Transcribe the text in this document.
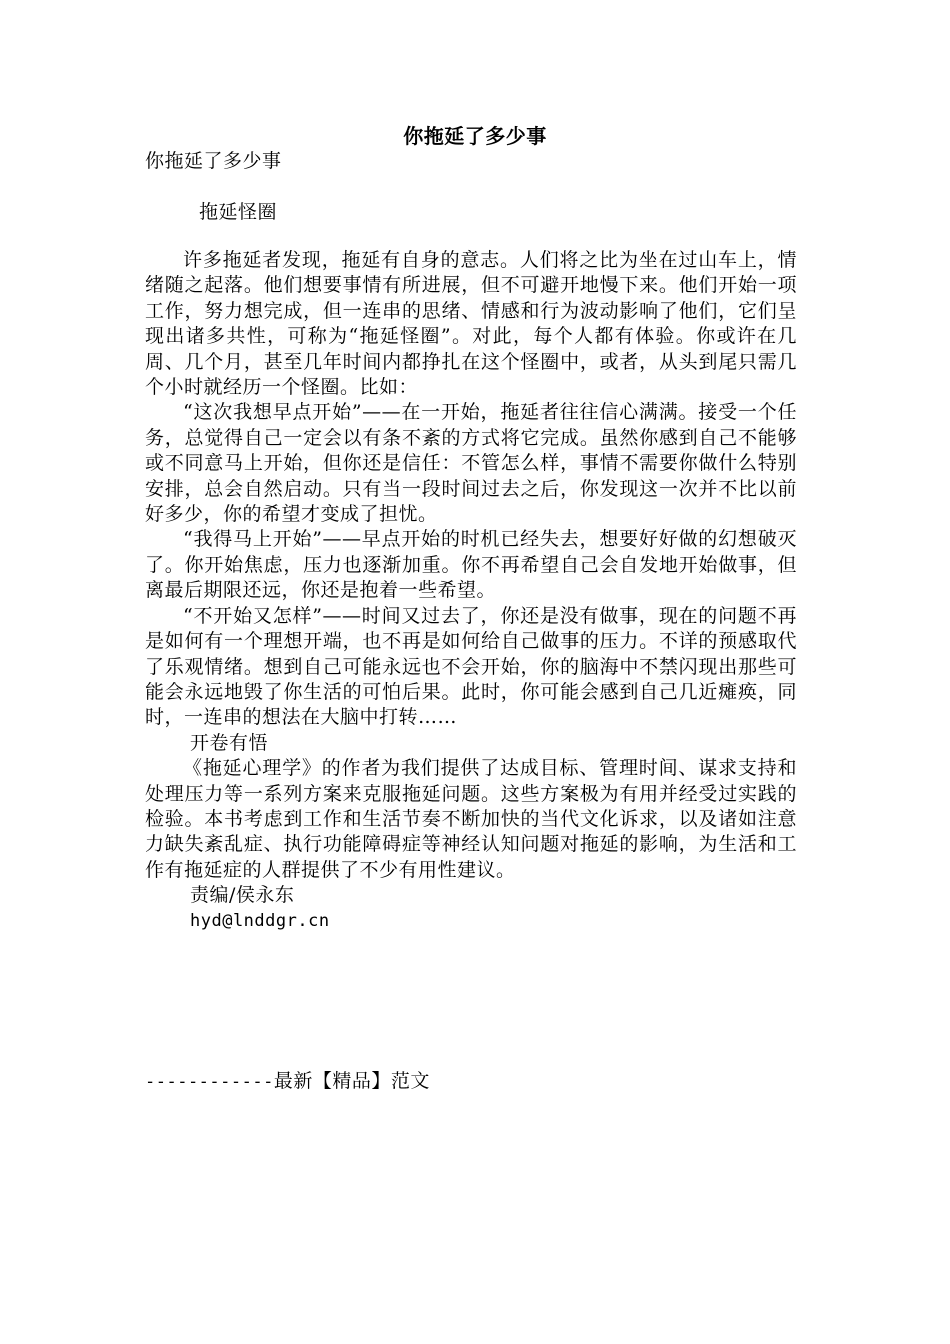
你拖延了多少事
你拖延了多少事
拖延怪圈

许多拖延者发现，拖延有自身的意志。人们将之比为坐在过山车上，情绪随之起落。他们想要事情有所进展，但不可避开地慢下来。他们开始一项工作，努力想完成，但一连串的思绪、情感和行为波动影响了他们，它们呈现出诸多共性，可称为“拖延怪圈”。对此，每个人都有体验。你或许在几周、几个月，甚至几年时间内都挣扎在这个怪圈中，或者，从头到尾只需几个小时就经历一个怪圈。比如：

“这次我想早点开始”——在一开始，拖延者往往信心满满。接受一个任务，总觉得自己一定会以有条不紊的方式将它完成。虽然你感到自己不能够或不同意马上开始，但你还是信任：不管怎么样，事情不需要你做什么特别安排，总会自然启动。只有当一段时间过去之后，你发现这一次并不比以前好多少，你的希望才变成了担忧。

“我得马上开始”——早点开始的时机已经失去，想要好好做的幻想破灭了。你开始焦虑，压力也逐渐加重。你不再希望自己会自发地开始做事，但离最后期限还远，你还是抱着一些希望。

“不开始又怎样”——时间又过去了，你还是没有做事，现在的问题不再是如何有一个理想开端，也不再是如何给自己做事的压力。不详的预感取代了乐观情绪。想到自己可能永远也不会开始，你的脑海中不禁闪现出那些可能会永远地毁了你生活的可怕后果。此时，你可能会感到自己几近瘫痪，同时，一连串的想法在大脑中打转……

开卷有悟

《拖延心理学》的作者为我们提供了达成目标、管理时间、谋求支持和处理压力等一系列方案来克服拖延问题。这些方案极为有用并经受过实践的检验。本书考虑到工作和生活节奏不断加快的当代文化诉求，以及诸如注意力缺失紊乱症、执行功能障碍症等神经认知问题对拖延的影响，为生活和工作有拖延症的人群提供了不少有用性建议。

责编/侯永东

hyd@lnddgr.cn

------------最新【精品】范文
